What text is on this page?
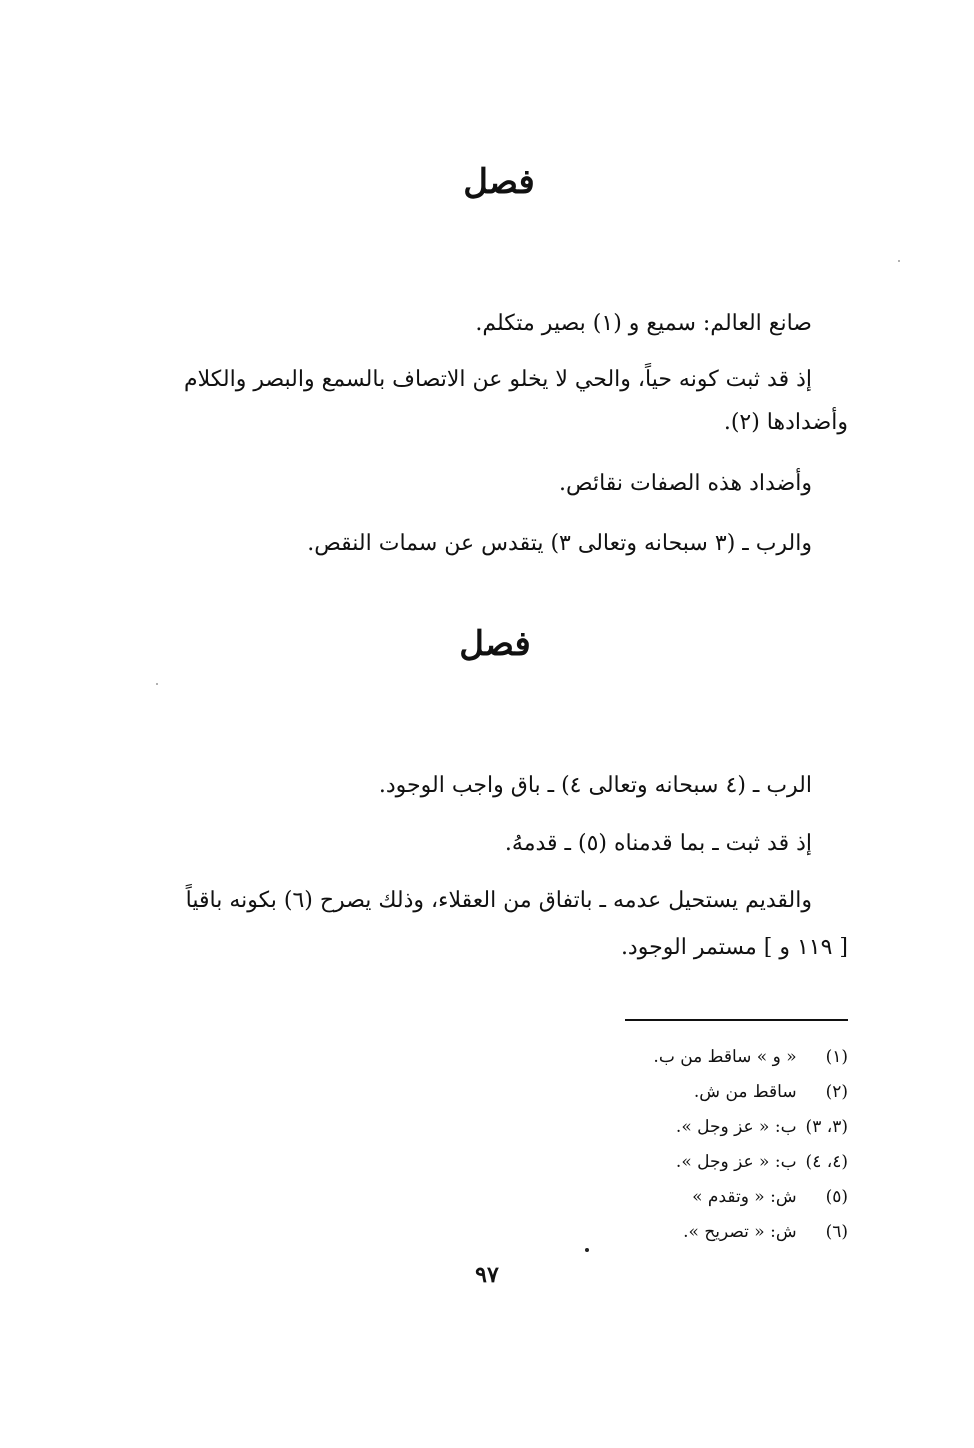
فصل

صانع العالم: سميع و (١) بصير متكلم.

إذ قد ثبت كونه حياً، والحي لا يخلو عن الاتصاف بالسمع والبصر والكلام

وأضدادها (٢).

وأضداد هذه الصفات نقائص.

والرب ـ (٣ سبحانه وتعالى ٣) يتقدس عن سمات النقص.

فصل

الرب ـ (٤ سبحانه وتعالى ٤) ـ باق واجب الوجود.

إذ قد ثبت ـ بما قدمناه (٥) ـ قدمهُ.

والقديم يستحيل عدمه ـ باتفاق من العقلاء، وذلك يصرح (٦) بكونه باقياً

[ ١١٩ و ] مستمر الوجود.

(١) « و » ساقط من ب.
(٢) ساقط من ش.
(٣، ٣) ب: « عز وجل ».
(٤، ٤) ب: « عز وجل ».
(٥) ش: « وتقدم »
(٦) ش: « تصريح ».

٩٧
